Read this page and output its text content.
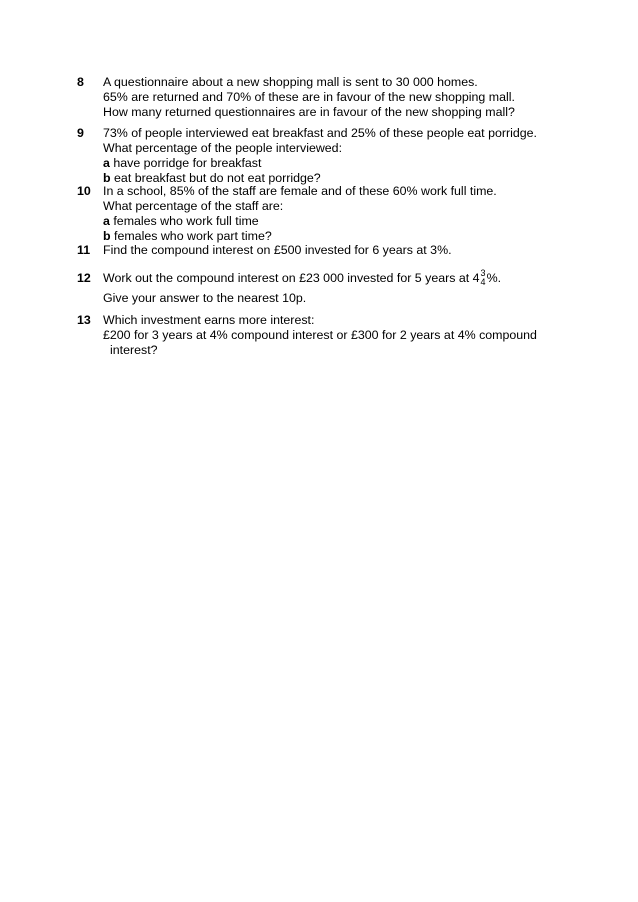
8 A questionnaire about a new shopping mall is sent to 30 000 homes.
65% are returned and 70% of these are in favour of the new shopping mall.
How many returned questionnaires are in favour of the new shopping mall?
9 73% of people interviewed eat breakfast and 25% of these people eat porridge.
What percentage of the people interviewed:
a have porridge for breakfast
b eat breakfast but do not eat porridge?
10 In a school, 85% of the staff are female and of these 60% work full time.
What percentage of the staff are:
a females who work full time
b females who work part time?
11 Find the compound interest on £500 invested for 6 years at 3%.
12 Work out the compound interest on £23 000 invested for 5 years at 4 3
4 %.
Give your answer to the nearest 10p.
13 Which investment earns more interest:
£200 for 3 years at 4% compound interest or £300 for 2 years at 4% compound
interest?
